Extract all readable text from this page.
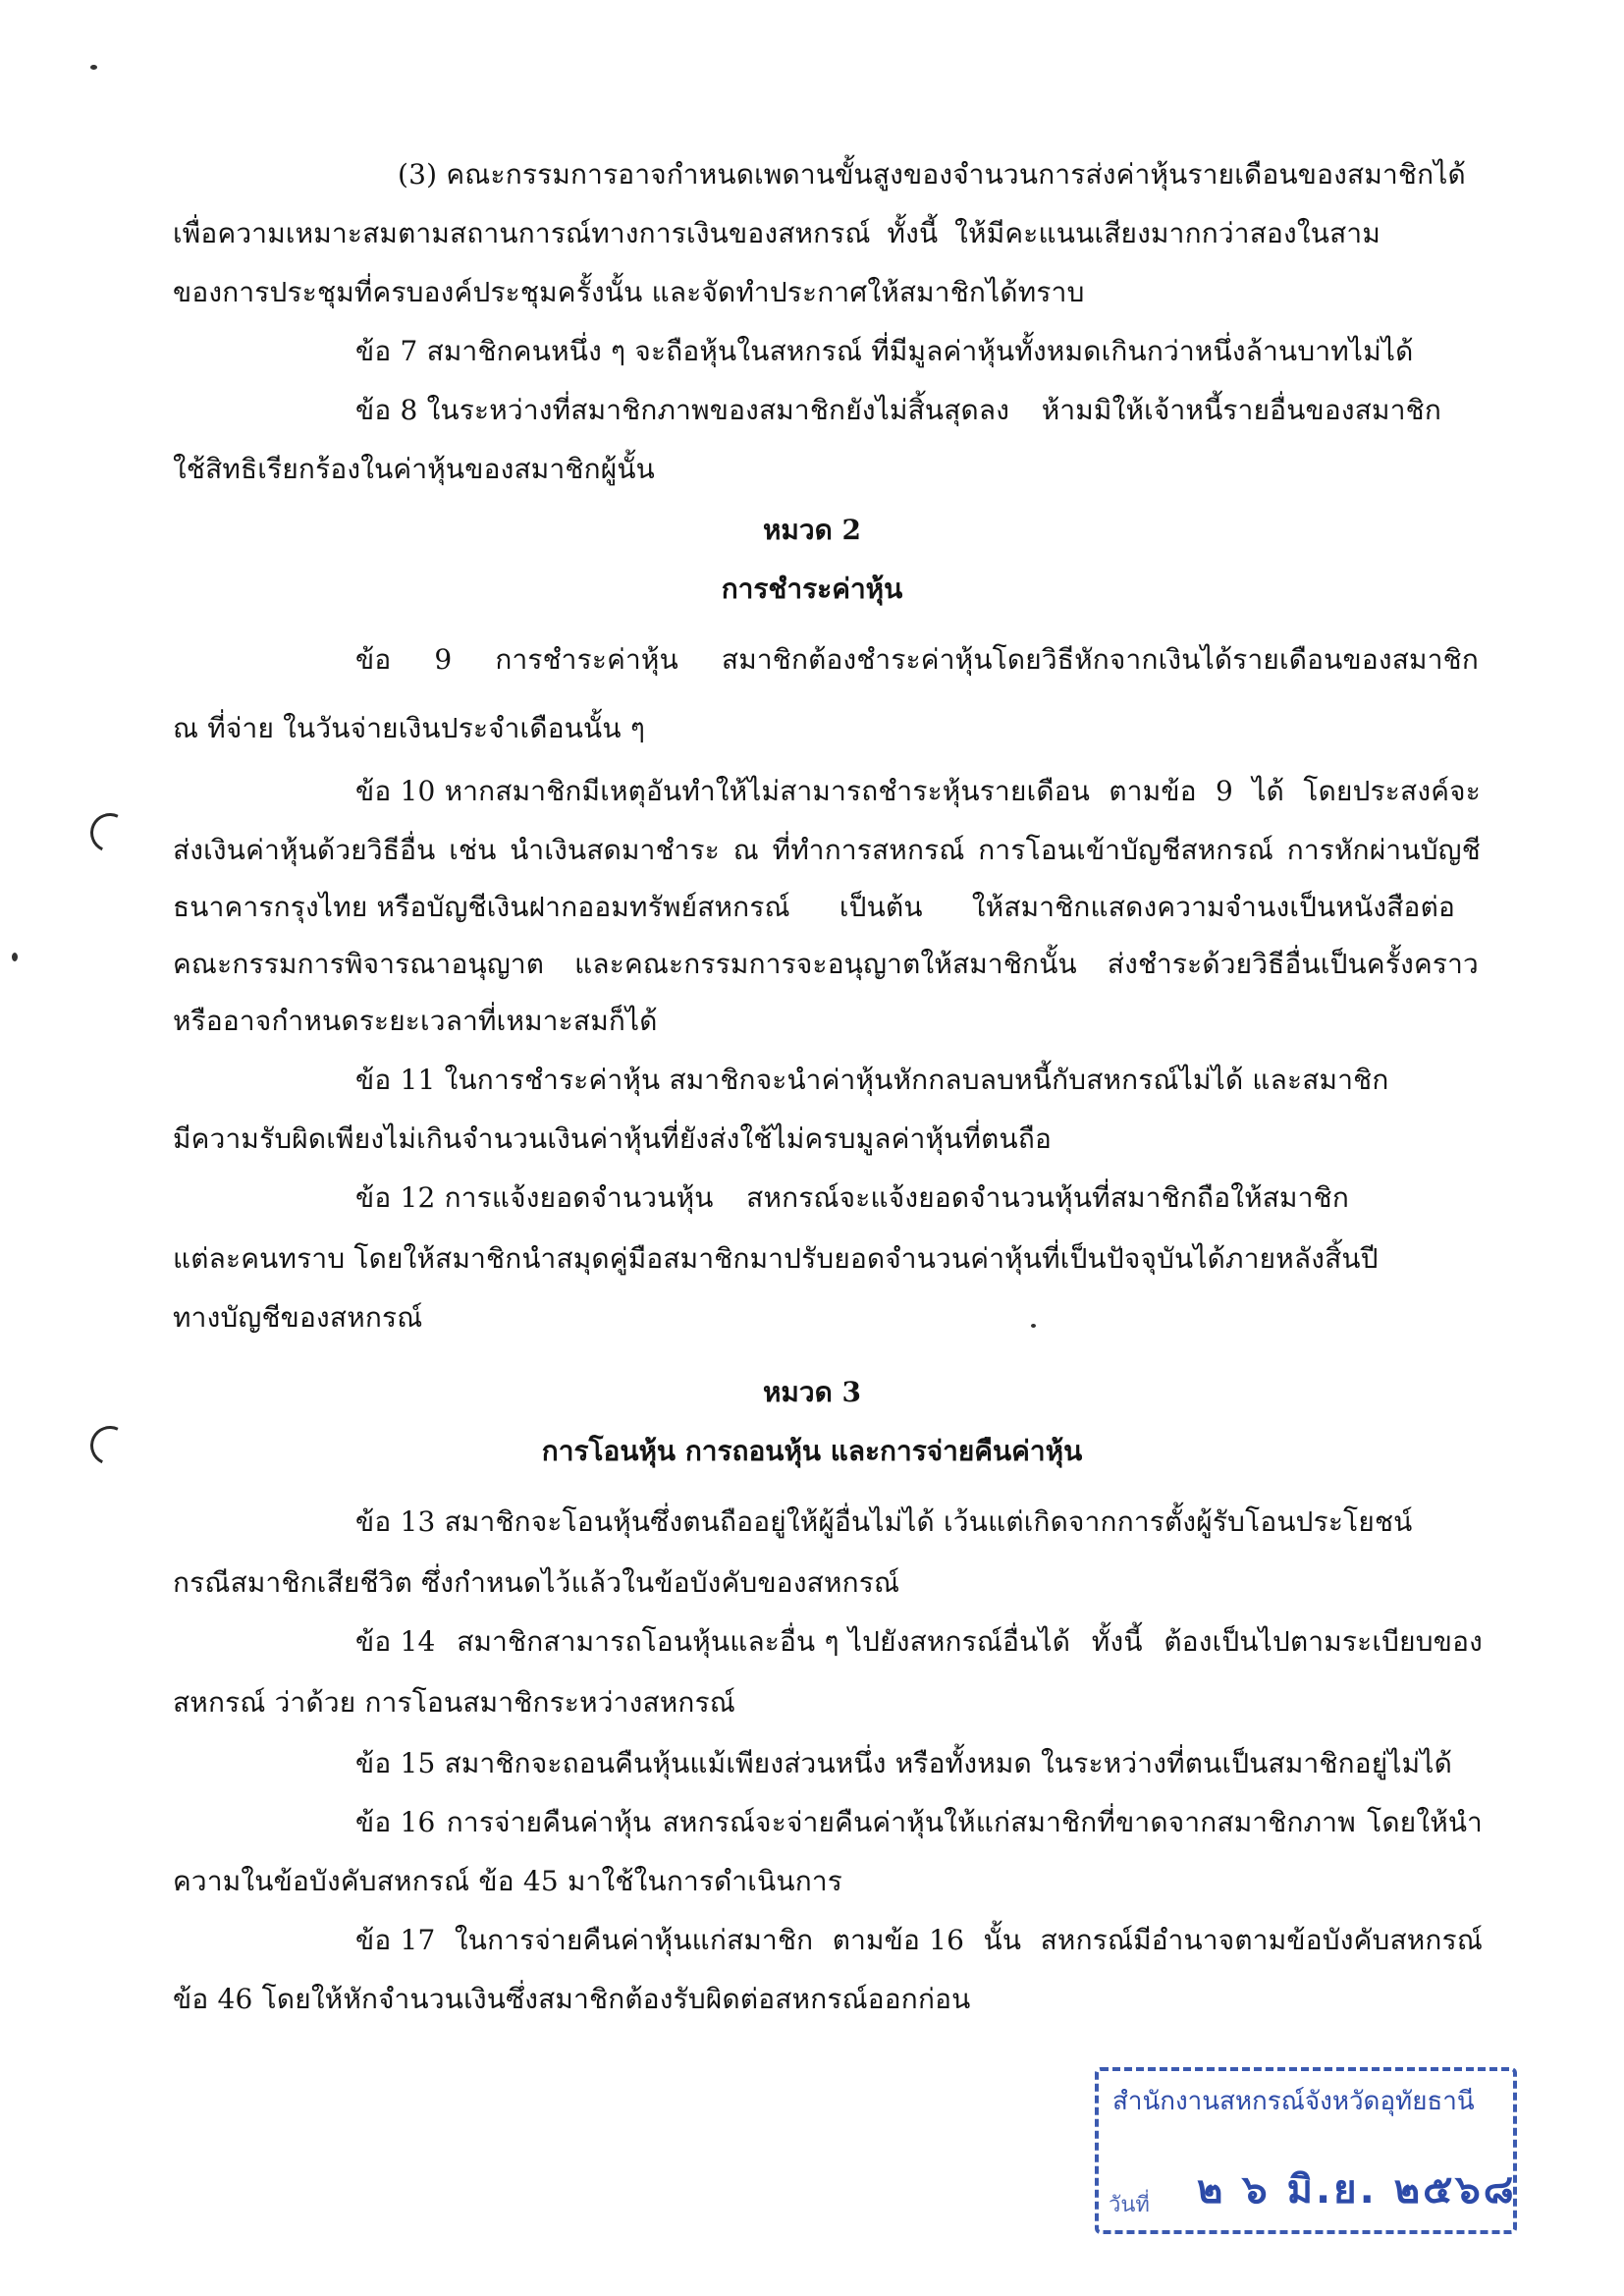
(3) คณะกรรมการอาจกำหนดเพดานขั้นสูงของจำนวนการส่งค่าหุ้นรายเดือนของสมาชิกได้
เพื่อความเหมาะสมตามสถานการณ์ทางการเงินของสหกรณ์ ทั้งนี้ ให้มีคะแนนเสียงมากกว่าสองในสาม
ของการประชุมที่ครบองค์ประชุมครั้งนั้น และจัดทำประกาศให้สมาชิกได้ทราบ
ข้อ 7 สมาชิกคนหนึ่ง ๆ จะถือหุ้นในสหกรณ์ ที่มีมูลค่าหุ้นทั้งหมดเกินกว่าหนึ่งล้านบาทไม่ได้
ข้อ 8 ในระหว่างที่สมาชิกภาพของสมาชิกยังไม่สิ้นสุดลง ห้ามมิให้เจ้าหนี้รายอื่นของสมาชิก
ใช้สิทธิเรียกร้องในค่าหุ้นของสมาชิกผู้นั้น
หมวด 2
การชำระค่าหุ้น
ข้อ 9 การชำระค่าหุ้น สมาชิกต้องชำระค่าหุ้นโดยวิธีหักจากเงินได้รายเดือนของสมาชิก
ณ ที่จ่าย ในวันจ่ายเงินประจำเดือนนั้น ๆ
ข้อ 10 หากสมาชิกมีเหตุอันทำให้ไม่สามารถชำระหุ้นรายเดือน ตามข้อ 9 ได้ โดยประสงค์จะ
ส่งเงินค่าหุ้นด้วยวิธีอื่น เช่น นำเงินสดมาชำระ ณ ที่ทำการสหกรณ์ การโอนเข้าบัญชีสหกรณ์ การหักผ่านบัญชี
ธนาคารกรุงไทย หรือบัญชีเงินฝากออมทรัพย์สหกรณ์ เป็นต้น ให้สมาชิกแสดงความจำนงเป็นหนังสือต่อ
คณะกรรมการพิจารณาอนุญาต และคณะกรรมการจะอนุญาตให้สมาชิกนั้น ส่งชำระด้วยวิธีอื่นเป็นครั้งคราว
หรืออาจกำหนดระยะเวลาที่เหมาะสมก็ได้
ข้อ 11 ในการชำระค่าหุ้น สมาชิกจะนำค่าหุ้นหักกลบลบหนี้กับสหกรณ์ไม่ได้ และสมาชิก
มีความรับผิดเพียงไม่เกินจำนวนเงินค่าหุ้นที่ยังส่งใช้ไม่ครบมูลค่าหุ้นที่ตนถือ
ข้อ 12 การแจ้งยอดจำนวนหุ้น สหกรณ์จะแจ้งยอดจำนวนหุ้นที่สมาชิกถือให้สมาชิก
แต่ละคนทราบ โดยให้สมาชิกนำสมุดคู่มือสมาชิกมาปรับยอดจำนวนค่าหุ้นที่เป็นปัจจุบันได้ภายหลังสิ้นปี
ทางบัญชีของสหกรณ์
หมวด 3
การโอนหุ้น การถอนหุ้น และการจ่ายคืนค่าหุ้น
ข้อ 13 สมาชิกจะโอนหุ้นซึ่งตนถืออยู่ให้ผู้อื่นไม่ได้ เว้นแต่เกิดจากการตั้งผู้รับโอนประโยชน์
กรณีสมาชิกเสียชีวิต ซึ่งกำหนดไว้แล้วในข้อบังคับของสหกรณ์
ข้อ 14 สมาชิกสามารถโอนหุ้นและอื่น ๆ ไปยังสหกรณ์อื่นได้ ทั้งนี้ ต้องเป็นไปตามระเบียบของ
สหกรณ์ ว่าด้วย การโอนสมาชิกระหว่างสหกรณ์
ข้อ 15 สมาชิกจะถอนคืนหุ้นแม้เพียงส่วนหนึ่ง หรือทั้งหมด ในระหว่างที่ตนเป็นสมาชิกอยู่ไม่ได้
ข้อ 16 การจ่ายคืนค่าหุ้น สหกรณ์จะจ่ายคืนค่าหุ้นให้แก่สมาชิกที่ขาดจากสมาชิกภาพ โดยให้นำ
ความในข้อบังคับสหกรณ์ ข้อ 45 มาใช้ในการดำเนินการ
ข้อ 17 ในการจ่ายคืนค่าหุ้นแก่สมาชิก ตามข้อ 16 นั้น สหกรณ์มีอำนาจตามข้อบังคับสหกรณ์
ข้อ 46 โดยให้หักจำนวนเงินซึ่งสมาชิกต้องรับผิดต่อสหกรณ์ออกก่อน
สำนักงานสหกรณ์จังหวัดอุทัยธานี
วันที่ ๒ ๖ มิ.ย. ๒๕๖๘
